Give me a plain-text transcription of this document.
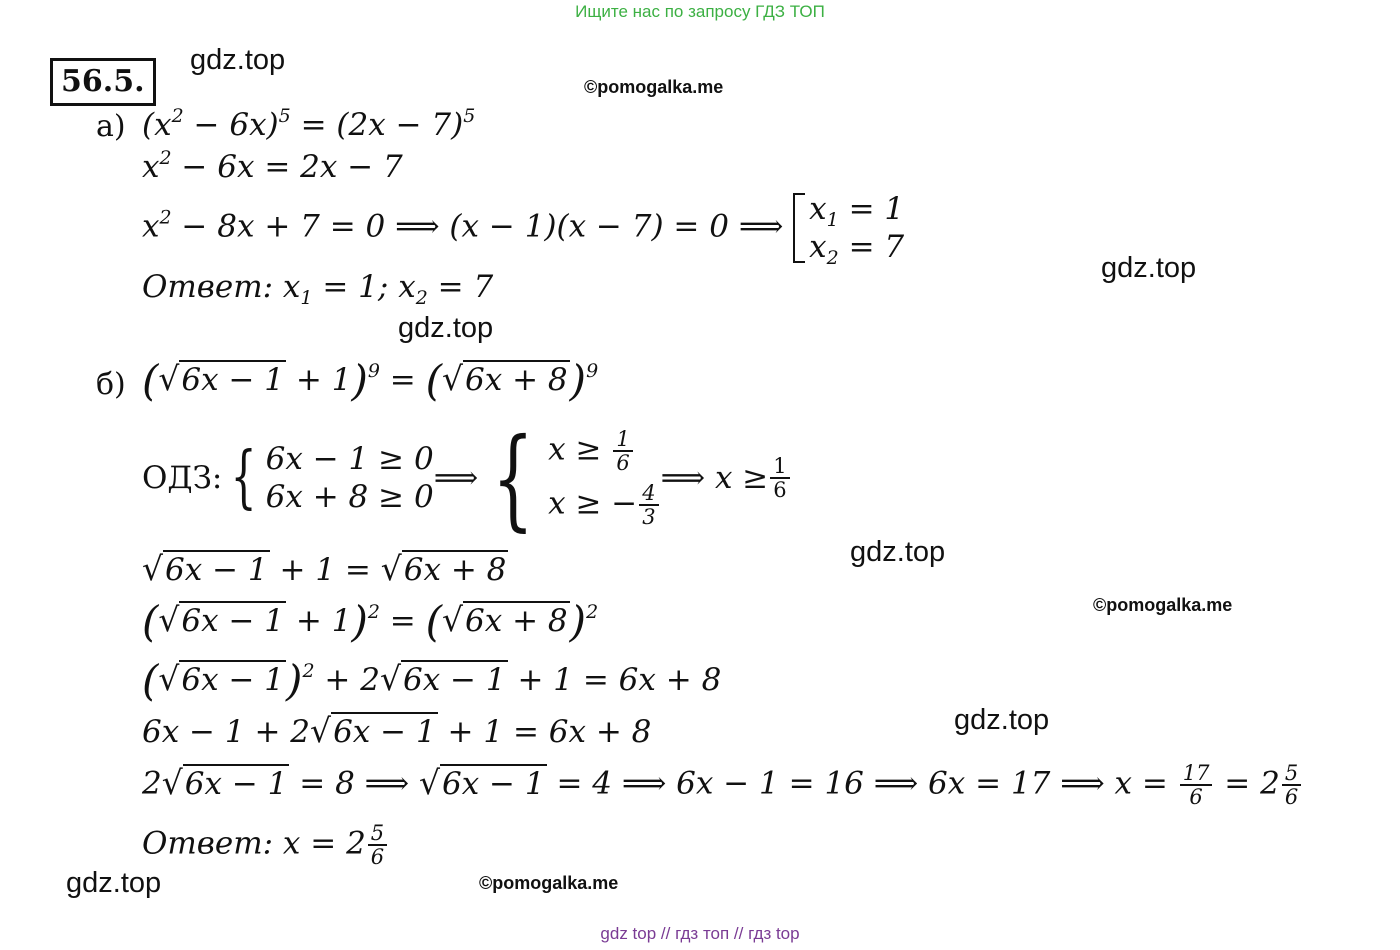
Ищите нас по запросу ГДЗ ТОП
56.5.
gdz.top
©pomogalka.me
gdz.top
gdz.top
gdz.top
©pomogalka.me
gdz.top
gdz.top	©pomogalka.me
а) $(x^2 - 6x)^5 = (2x - 7)^5$
$x^2 - 6x = 2x - 7$
$x^2 - 8x + 7 = 0$ ⟹ (x − 1)(x − 7) = 0 ⟹ $x_1 = 1$
$x_2 = 7$
Ответ: $x_1 = 1$; $x_2 = 7$
б) $(√6x - 1 + 1)^9 = (√6x + 8)^9$
ОДЗ: { 6x − 1 ≥ 0
6x + 8 ≥ 0
⟹ { $x \ge \frac{1}{6}$
x ≥ − $\frac{4}{3}$
⟹ $x \ge \frac{1}{6}$
√6x − 1 + 1 = √6x + 8
$(√6x - 1 + 1)^2 = (√6x + 8)^2$
$(√6x - 1)^2 + 2√6x - 1 + 1 = 6x + 8$
6x − 1 + 2√6x − 1 + 1 = 6x + 8
2√6x − 1 = 8 ⟹ √6x − 1 = 4 ⟹ 6x − 1 = 16 ⟹ 6x = 17 ⟹ $x = \frac{17}{6} = 2 \frac{5}{6}$
Ответ: $x = 2 \frac{5}{6}$
gdz top // гдз топ // гдз top
